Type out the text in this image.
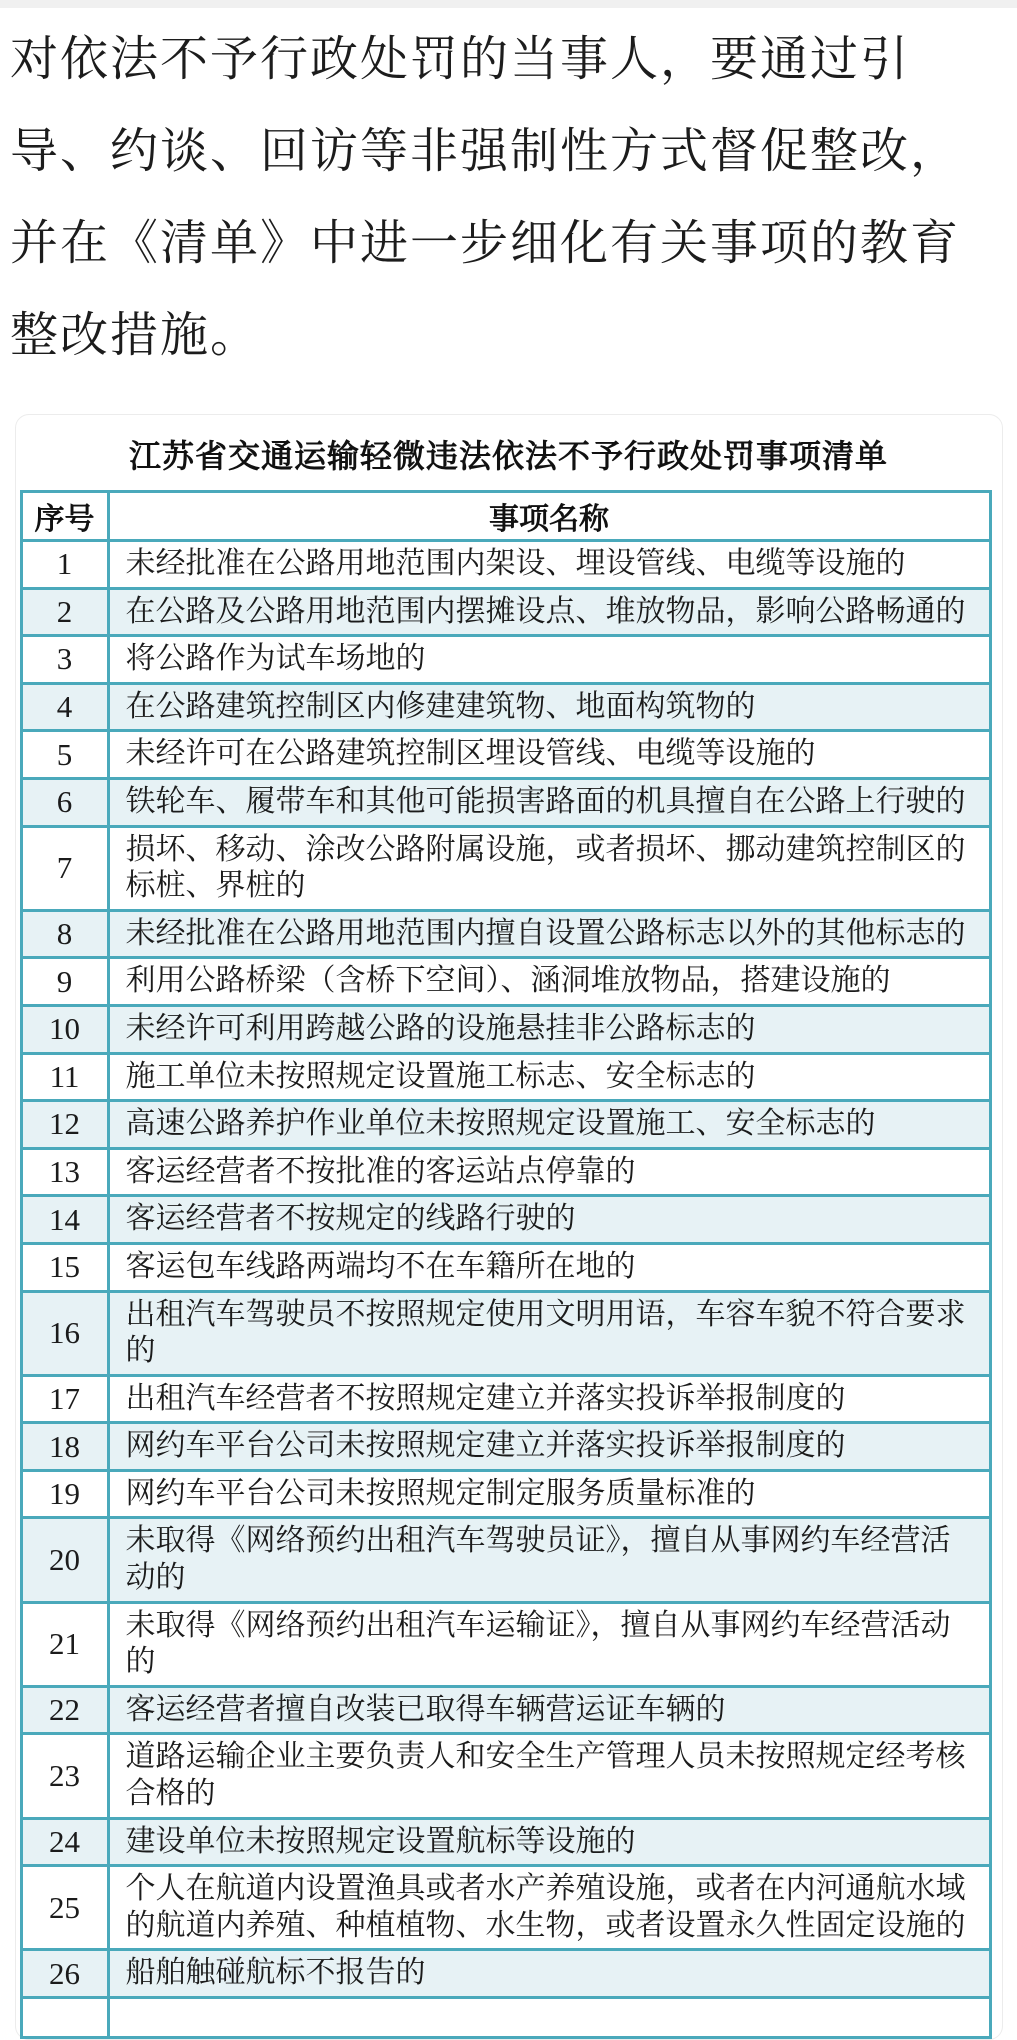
对依法不予行政处罚的当事人，要通过引导、约谈、回访等非强制性方式督促整改，并在《清单》中进一步细化有关事项的教育整改措施。
江苏省交通运输轻微违法依法不予行政处罚事项清单
序号	事项名称
1	未经批准在公路用地范围内架设、埋设管线、电缆等设施的
2	在公路及公路用地范围内摆摊设点、堆放物品，影响公路畅通的
3	将公路作为试车场地的
4	在公路建筑控制区内修建建筑物、地面构筑物的
5	未经许可在公路建筑控制区埋设管线、电缆等设施的
6	铁轮车、履带车和其他可能损害路面的机具擅自在公路上行驶的
7	损坏、移动、涂改公路附属设施，或者损坏、挪动建筑控制区的标桩、界桩的
8	未经批准在公路用地范围内擅自设置公路标志以外的其他标志的
9	利用公路桥梁（含桥下空间）、涵洞堆放物品，搭建设施的
10	未经许可利用跨越公路的设施悬挂非公路标志的
11	施工单位未按照规定设置施工标志、安全标志的
12	高速公路养护作业单位未按照规定设置施工、安全标志的
13	客运经营者不按批准的客运站点停靠的
14	客运经营者不按规定的线路行驶的
15	客运包车线路两端均不在车籍所在地的
16	出租汽车驾驶员不按照规定使用文明用语，车容车貌不符合要求的
17	出租汽车经营者不按照规定建立并落实投诉举报制度的
18	网约车平台公司未按照规定建立并落实投诉举报制度的
19	网约车平台公司未按照规定制定服务质量标准的
20	未取得《网络预约出租汽车驾驶员证》，擅自从事网约车经营活动的
21	未取得《网络预约出租汽车运输证》，擅自从事网约车经营活动的
22	客运经营者擅自改装已取得车辆营运证车辆的
23	道路运输企业主要负责人和安全生产管理人员未按照规定经考核合格的
24	建设单位未按照规定设置航标等设施的
25	个人在航道内设置渔具或者水产养殖设施，或者在内河通航水域的航道内养殖、种植植物、水生物，或者设置永久性固定设施的
26	船舶触碰航标不报告的
